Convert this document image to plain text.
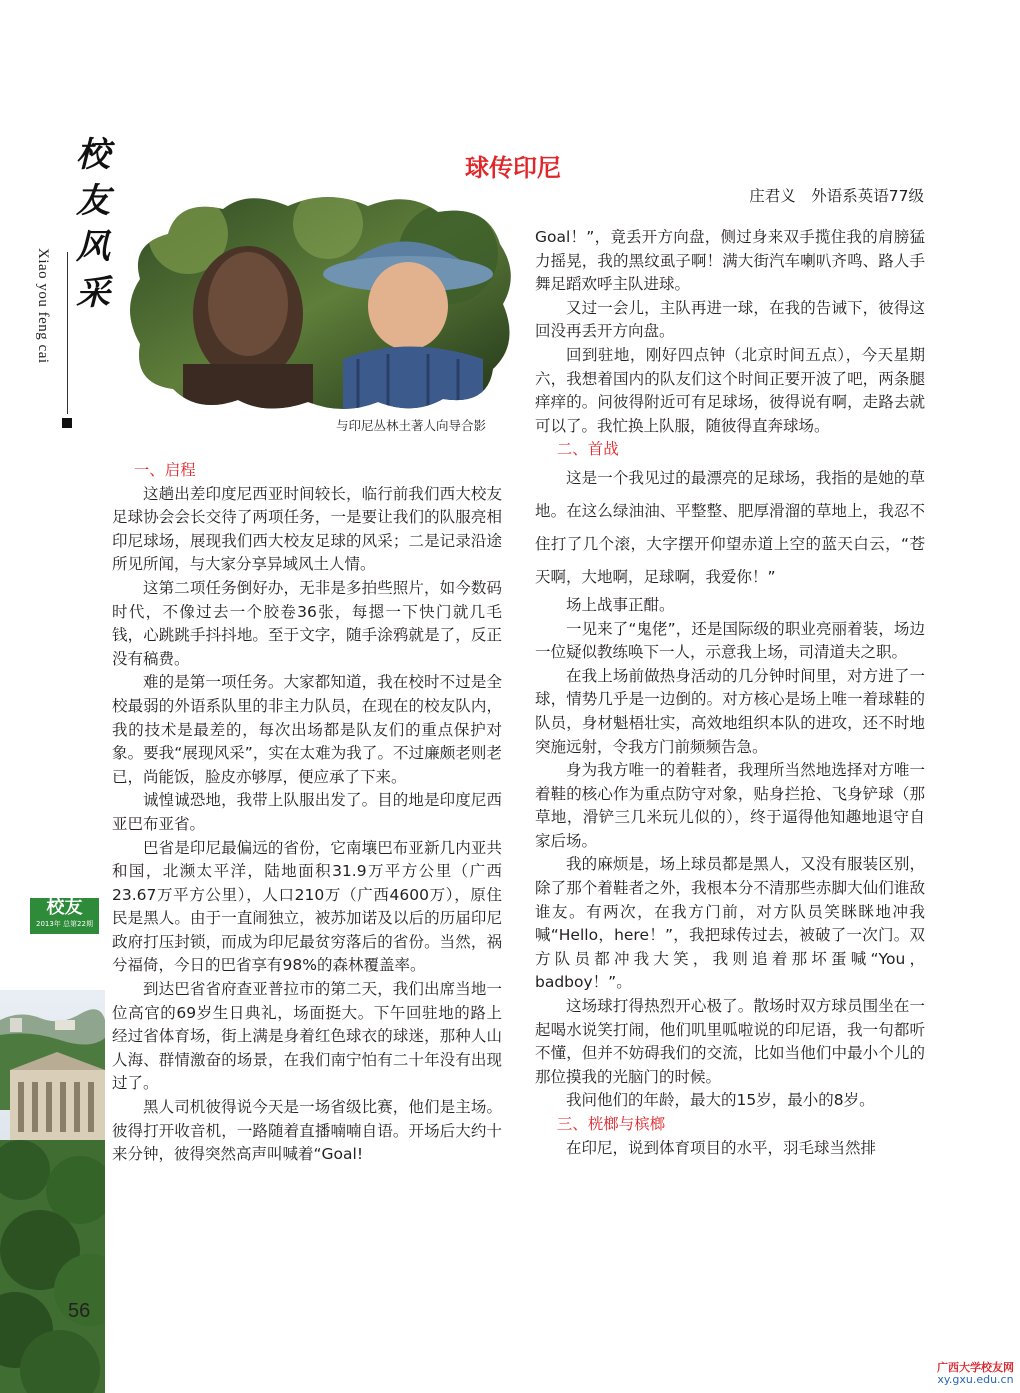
校
友
风
采
Xiao you feng cai
校友
2013年 总第22期
56
球传印尼
庄君义　外语系英语77级
与印尼丛林土著人向导合影
一、启程

这趟出差印度尼西亚时间较长，临行前我们西大校友足球协会会长交待了两项任务，一是要让我们的队服亮相印尼球场，展现我们西大校友足球的风采；二是记录沿途所见所闻，与大家分享异域风土人情。

这第二项任务倒好办，无非是多拍些照片，如今数码时代，不像过去一个胶卷36张，每摁一下快门就几毛钱，心跳跳手抖抖地。至于文字，随手涂鸦就是了，反正没有稿费。

难的是第一项任务。大家都知道，我在校时不过是全校最弱的外语系队里的非主力队员，在现在的校友队内，我的技术是最差的，每次出场都是队友们的重点保护对象。要我“展现风采”，实在太难为我了。不过廉颇老则老已，尚能饭，脸皮亦够厚，便应承了下来。

诚惶诚恐地，我带上队服出发了。目的地是印度尼西亚巴布亚省。

巴省是印尼最偏远的省份，它南壤巴布亚新几内亚共和国，北濒太平洋，陆地面积31.9万平方公里（广西23.67万平方公里），人口210万（广西4600万），原住民是黑人。由于一直闹独立，被苏加诺及以后的历届印尼政府打压封锁，而成为印尼最贫穷落后的省份。当然，祸兮福倚，今日的巴省享有98%的森林覆盖率。

到达巴省省府查亚普拉市的第二天，我们出席当地一位高官的69岁生日典礼，场面挺大。下午回驻地的路上经过省体育场，街上满是身着红色球衣的球迷，那种人山人海、群情激奋的场景，在我们南宁怕有二十年没有出现过了。

黑人司机彼得说今天是一场省级比赛，他们是主场。彼得打开收音机，一路随着直播喃喃自语。开场后大约十来分钟，彼得突然高声叫喊着“Goal!

Goal！”，竟丢开方向盘，侧过身来双手揽住我的肩膀猛力摇晃，我的黑纹虱子啊！满大街汽车喇叭齐鸣、路人手舞足蹈欢呼主队进球。

又过一会儿，主队再进一球，在我的告诫下，彼得这回没再丢开方向盘。

回到驻地，刚好四点钟（北京时间五点），今天星期六，我想着国内的队友们这个时间正要开波了吧，两条腿痒痒的。问彼得附近可有足球场，彼得说有啊，走路去就可以了。我忙换上队服，随彼得直奔球场。

二、首战

这是一个我见过的最漂亮的足球场，我指的是她的草地。在这么绿油油、平整整、肥厚滑溜的草地上，我忍不住打了几个滚，大字摆开仰望赤道上空的蓝天白云，“苍天啊，大地啊，足球啊，我爱你！”

场上战事正酣。

一见来了“鬼佬”，还是国际级的职业亮丽着装，场边一位疑似教练唤下一人，示意我上场，司清道夫之职。

在我上场前做热身活动的几分钟时间里，对方进了一球，情势几乎是一边倒的。对方核心是场上唯一着球鞋的队员，身材魁梧壮实，高效地组织本队的进攻，还不时地突施远射，令我方门前频频告急。

身为我方唯一的着鞋者，我理所当然地选择对方唯一着鞋的核心作为重点防守对象，贴身拦抢、飞身铲球（那草地，滑铲三几米玩儿似的），终于逼得他知趣地退守自家后场。

我的麻烦是，场上球员都是黑人，又没有服装区别，除了那个着鞋者之外，我根本分不清那些赤脚大仙们谁敌谁友。有两次，在我方门前，对方队员笑眯眯地冲我喊“Hello，here！”，我把球传过去，被破了一次门。双方队员都冲我大笑，我则追着那坏蛋喊“You，badboy！”。

这场球打得热烈开心极了。散场时双方球员围坐在一起喝水说笑打闹，他们叽里呱啦说的印尼语，我一句都听不懂，但并不妨碍我们的交流，比如当他们中最小个儿的那位摸我的光脑门的时候。

我问他们的年龄，最大的15岁，最小的8岁。

三、桄榔与槟榔

在印尼，说到体育项目的水平，羽毛球当然排

广西大学校友网
xy.gxu.edu.cn
